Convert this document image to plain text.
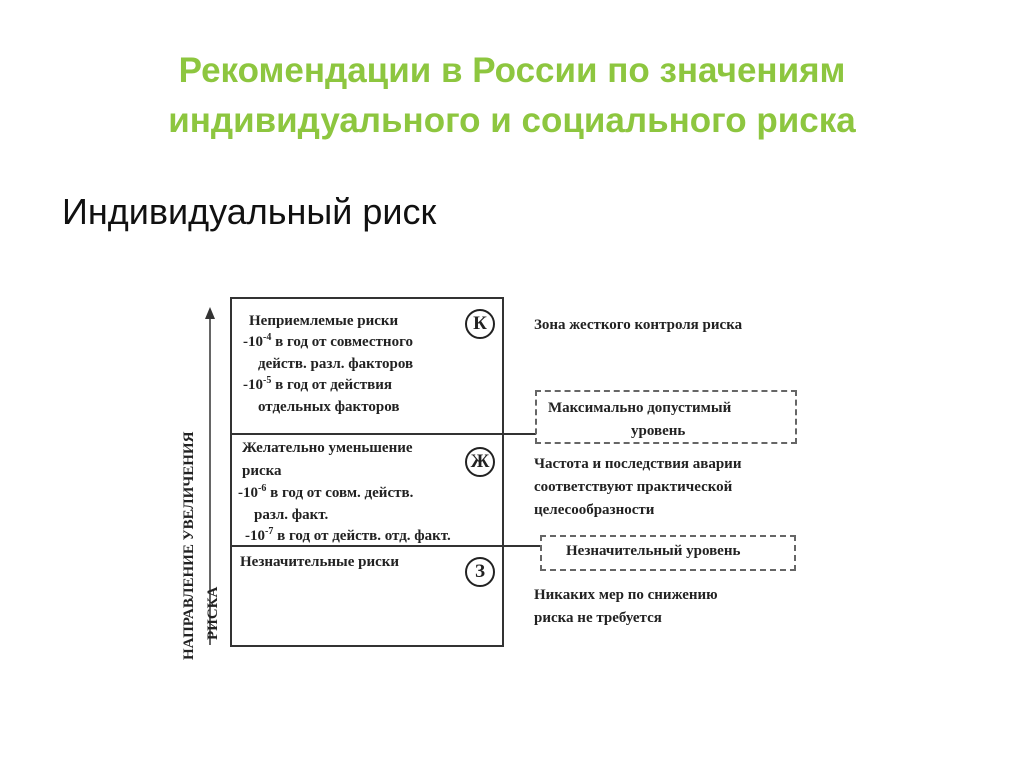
Рекомендации в России по значениям
индивидуального и социального риска
Индивидуальный риск
НАПРАВЛЕНИЕ УВЕЛИЧЕНИЯ РИСКА
К
Неприемлемые риски
$-10^{-4}$ в год от совместного
действ. разл. факторов
$-10^{-5}$ в год от действия
отдельных факторов
Ж
Желательно уменьшение
риска
$-10^{-6}$ в год от совм. действ.
разл. факт.
$-10^{-7}$ в год от действ. отд. факт.
З
Незначительные риски
Зона жесткого контроля риска
Максимально допустимый
уровень
Частота и последствия аварии
соответствуют практической
целесообразности
Незначительный уровень
Никаких мер по снижению
риска не требуется
